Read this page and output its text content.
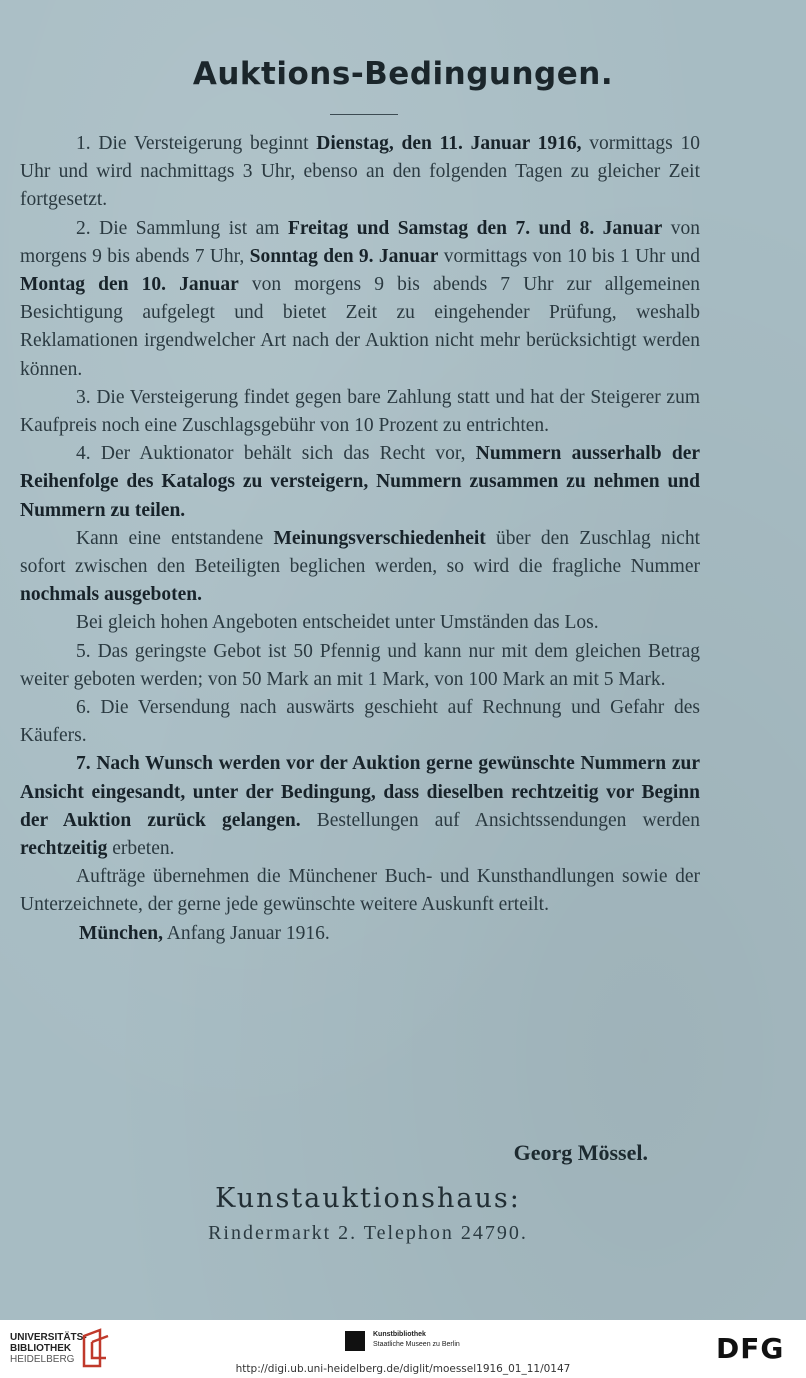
Auktions-Bedingungen.

1. Die Versteigerung beginnt Dienstag, den 11. Januar 1916, vormittags 10 Uhr und wird nachmittags 3 Uhr, ebenso an den folgenden Tagen zu gleicher Zeit fortgesetzt.

2. Die Sammlung ist am Freitag und Samstag den 7. und 8. Januar von morgens 9 bis abends 7 Uhr, Sonntag den 9. Januar vormittags von 10 bis 1 Uhr und Montag den 10. Januar von morgens 9 bis abends 7 Uhr zur allgemeinen Besichtigung aufgelegt und bietet Zeit zu eingehender Prüfung, weshalb Reklamationen irgendwelcher Art nach der Auktion nicht mehr berücksichtigt werden können.

3. Die Versteigerung findet gegen bare Zahlung statt und hat der Steigerer zum Kaufpreis noch eine Zuschlagsgebühr von 10 Prozent zu entrichten.

4. Der Auktionator behält sich das Recht vor, Nummern ausserhalb der Reihenfolge des Katalogs zu versteigern, Nummern zusammen zu nehmen und Nummern zu teilen.

Kann eine entstandene Meinungsverschiedenheit über den Zuschlag nicht sofort zwischen den Beteiligten beglichen werden, so wird die fragliche Nummer nochmals ausgeboten.

Bei gleich hohen Angeboten entscheidet unter Umständen das Los.

5. Das geringste Gebot ist 50 Pfennig und kann nur mit dem gleichen Betrag weiter geboten werden; von 50 Mark an mit 1 Mark, von 100 Mark an mit 5 Mark.

6. Die Versendung nach auswärts geschieht auf Rechnung und Gefahr des Käufers.

7. Nach Wunsch werden vor der Auktion gerne gewünschte Nummern zur Ansicht eingesandt, unter der Bedingung, dass dieselben rechtzeitig vor Beginn der Auktion zurück gelangen. Bestellungen auf Ansichtssendungen werden rechtzeitig erbeten.

Aufträge übernehmen die Münchener Buch- und Kunsthandlungen sowie der Unterzeichnete, der gerne jede gewünschte weitere Auskunft erteilt.

München, Anfang Januar 1916.

Georg Mössel.
Kunstauktionshaus:
Rindermarkt 2. Telephon 24790.
UNIVERSITÄTS-
BIBLIOTHEK
HEIDELBERG
Kunstbibliothek
Staatliche Museen zu Berlin	DFG
http://digi.ub.uni-heidelberg.de/diglit/moessel1916_01_11/0147
